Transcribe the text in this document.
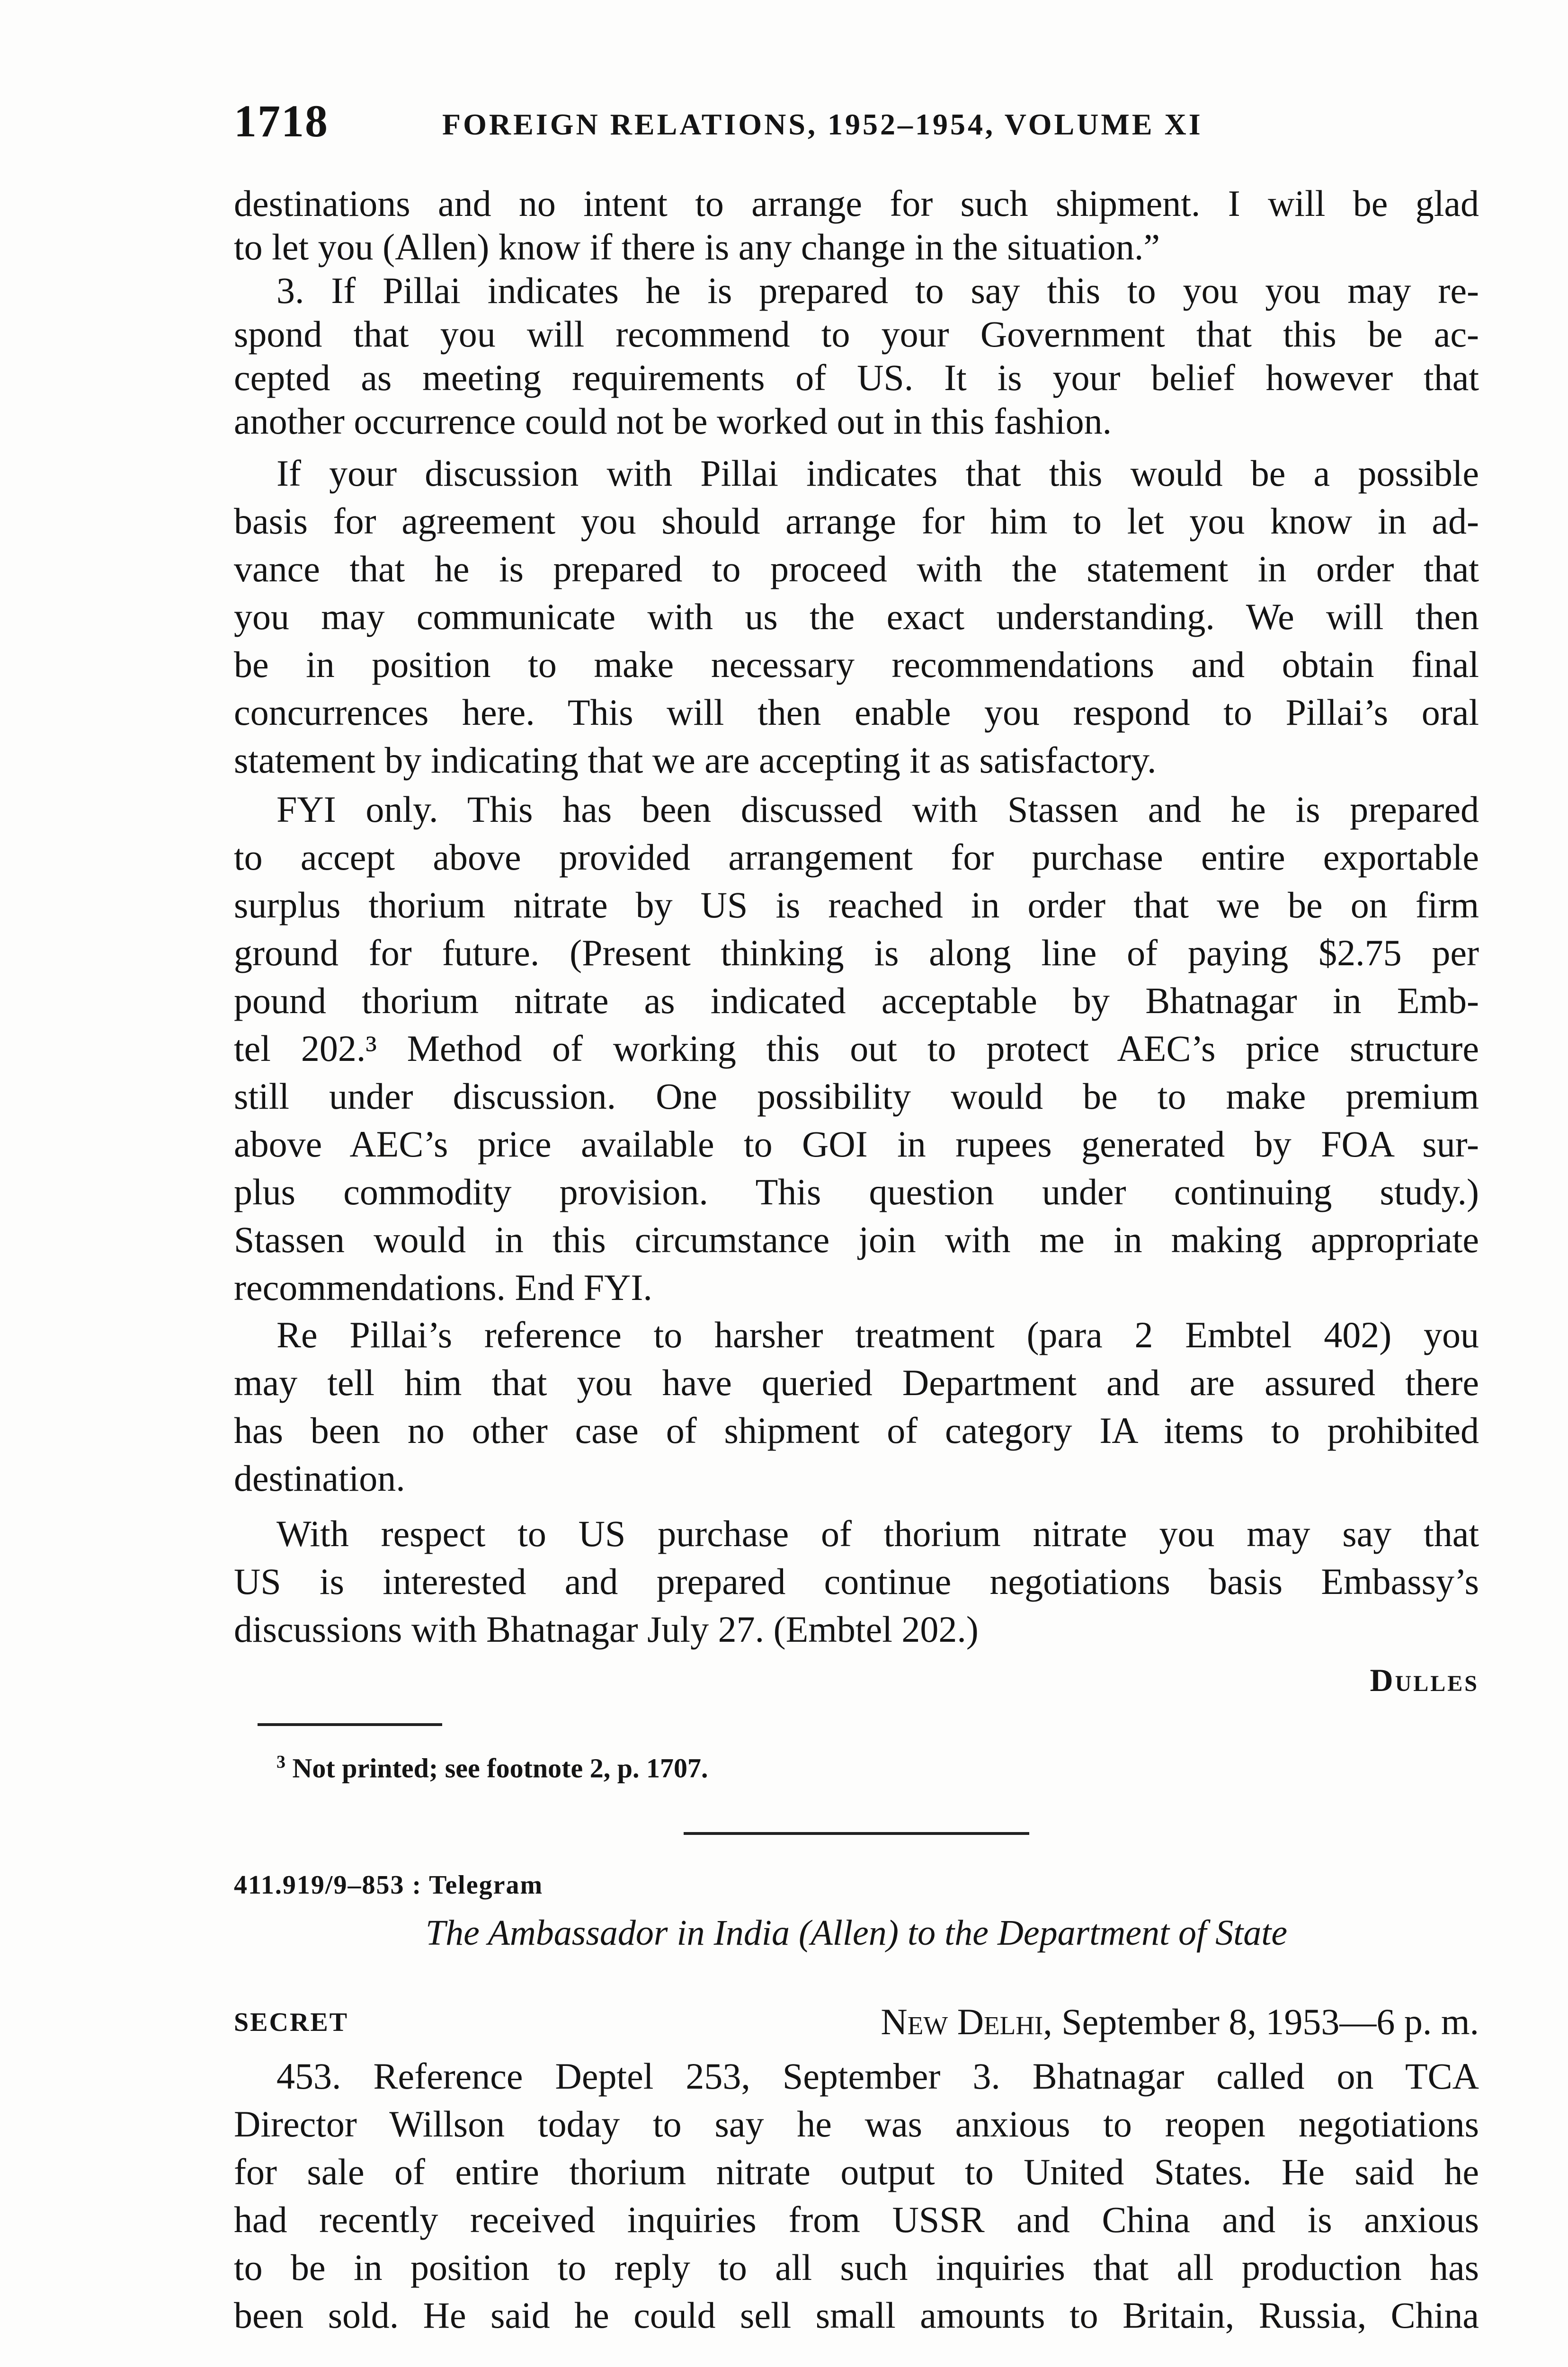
1718	FOREIGN RELATIONS, 1952–1954, VOLUME XI
destinations and no intent to arrange for such shipment. I will be glad
to let you (Allen) know if there is any change in the situation.”
3. If Pillai indicates he is prepared to say this to you you may re-
spond that you will recommend to your Government that this be ac-
cepted as meeting requirements of US. It is your belief however that
another occurrence could not be worked out in this fashion.
If your discussion with Pillai indicates that this would be a possible
basis for agreement you should arrange for him to let you know in ad-
vance that he is prepared to proceed with the statement in order that
you may communicate with us the exact understanding. We will then
be in position to make necessary recommendations and obtain final
concurrences here. This will then enable you respond to Pillai’s oral
statement by indicating that we are accepting it as satisfactory.
FYI only. This has been discussed with Stassen and he is prepared
to accept above provided arrangement for purchase entire exportable
surplus thorium nitrate by US is reached in order that we be on firm
ground for future. (Present thinking is along line of paying $2.75 per
pound thorium nitrate as indicated acceptable by Bhatnagar in Emb-
tel 202.³ Method of working this out to protect AEC’s price structure
still under discussion. One possibility would be to make premium
above AEC’s price available to GOI in rupees generated by FOA sur-
plus commodity provision. This question under continuing study.)
Stassen would in this circumstance join with me in making appropriate
recommendations. End FYI.
Re Pillai’s reference to harsher treatment (para 2 Embtel 402) you
may tell him that you have queried Department and are assured there
has been no other case of shipment of category IA items to prohibited
destination.
With respect to US purchase of thorium nitrate you may say that
US is interested and prepared continue negotiations basis Embassy’s
discussions with Bhatnagar July 27. (Embtel 202.)
Dulles
$^3$ Not printed; see footnote 2, p. 1707.
411.919/9–853 : Telegram
The Ambassador in India (Allen) to the Department of State
SECRET	New Delhi, September 8, 1953—6 p. m.
453. Reference Deptel 253, September 3. Bhatnagar called on TCA
Director Willson today to say he was anxious to reopen negotiations
for sale of entire thorium nitrate output to United States. He said he
had recently received inquiries from USSR and China and is anxious
to be in position to reply to all such inquiries that all production has
been sold. He said he could sell small amounts to Britain, Russia, China
